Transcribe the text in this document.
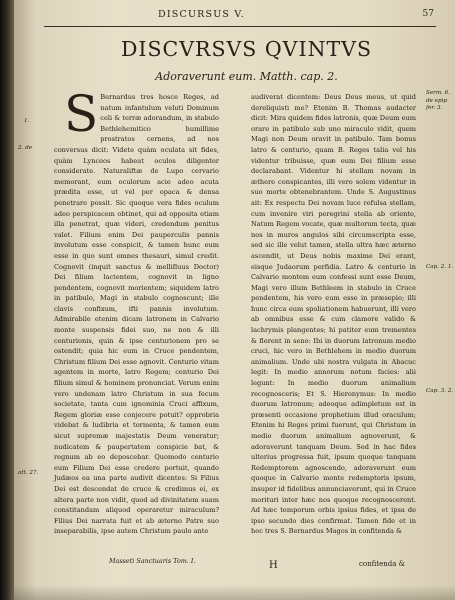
DISCURSUS V.	57
DISCVRSVS QVINTVS
Adoraverunt eum. Matth. cap. 2.
1.
2. de
att. 27.
S Bernardus tres hosce Reges, ad natum infantulum veluti Dominum celi & terræ adorandum, in stabulo Bethlehemitico humillime prostratos cernens, ad nos conversus dicit: Videte quàm oculata sit fides, quàm Lynceos habeat oculos diligenter considerate. Naturaliftæ de Lupo cervario memorant, eum oculorum acie adeo acuta prædita esse, ut vel per opaca & densa penetrare possit. Sic quoque vera fides oculum adeo perspicacem obtinet, qui ad opposita etiam illa penetrat, quæ videri, credendum penitus valet. Filium enim Dei pauperculis pannis involutum esse conspicit, & tamen hunc eum esse in quo sunt omnes thesauri, simul credit. Cognovit (inquit sanctus & mellifluus Doctor) Dei filium lactentem, cognovit in ligno pendentem, cognovit morientem; siquidem latro in patibulo, Magi in stabulo cognoscunt; ille clavis confixum, ifti pannis involutum. Admirabile etenim dicam latronem in Calvario monte suspensis fidei suo, ne non & illi centurionis, quin & ipse centurionem pro se ostendit; quia hic eum in Cruce pendentem, Christum filium Dei esse agnovit. Centurio vitam agentem in morte, latro Regem; centurio Dei filium simul & hominem pronunciat. Verum enim vero undenam latro Christum in sua fecum societate, tanta cum ignominia Cruci affixum, Regem gloriæ esse conjecere potuit? opprobria videbat & ludibria et tormenta, & tamen eum sicut supremæ majestatis Deum veneratur; nudicatem & paupertatem conspicie bat, & regnum ab eo deposcebar. Quomodo centurio eum Filium Dei esse credere portuit, quando Judæos ea una parte audivit dicentes: Si Filius Dei est descendat de cruce & credimus ei, ex altera parte non vidit, quod ad divinitatem suam constitandam aliquod operaretur miraculum? Filius Dei narrata fuit et ab æterno Patre suo inseparabilis, ipse autem Christum paulo ante

Serm. 6. de epip fer. 3.
Cap. 2. 1.
Cap. 3. 2.

audiverat dicentem: Deus Deus meus, ut quid dereliquisti me? Etenim B. Thomas audacter dicit: Mira quidem fides latronis, quæ Deum eum orare in patibulo sub uno miraculo vidit, quem Magi non Deum oravit in patibulo. Tam bonus latro & centurio, quam B. Reges talia vel his videntur tribuisse, quæ eum Dei filium esse declarabant. Videntur hi stellam novam in æthere conspicantes, illi vero solem videntur in suo morte obtenebrantem. Unde S. Augustinus ait: Ex respectu Dei novam luce refulsa stellam, cum invenire viri peregrini stella ab oriente, Natum Regem vocate, quæ multorum tecta, quæ nos in muros angulos sibi circumscripta esse, sed sic ille velut tamen, stella ultra hæc æterno ascendit, ut Deus nobis maxime Dei erant, eisque Judaorum perfidia. Latro & centurio in Calvario montem eum confessi sunt esse Deum, Magi vero illum Bethleem in stabulo in Cruce pendentem, his vero eum esse in præsepio; illi hunc circa eum spoliationem habuerunt, illi vero ab omnibus esse & cum clamore valido & lachrymis plangentes; hi patiter eum trementes & flerent in seno: Ibi in duorum latronum medio cruci, hic vero in Bethlehem in medio duorum animalium. Unde ubi nostra vulgata in Abacuc legit: In medio annorum notum facies: alii legunt: In medio duorum animalium recognosceris; Et S. Hieronymus: In medio duorum latronum; adeoque adimpletum est in præsenti occasione prophetium illud oraculum; Etenim hi Reges primi fuerunt, qui Christum in medio duorum animalium agnoverunt, & adoraverunt tanquam Deum. Sed in hac fides ulterius progressa fuit, ipsum quoque tanquam Redemptorem agnoscendo, adoraverunt eum quoque in Calvario monte redemptoris ipsum, insuper id fidelibus annunciaverunt, qui in Cruce morituri inter hæc nos quoque recognoscerent. Ad hæc temporum orbis ipsius fides, et ipsa de ipso secundo dies confirmat. Tamen fide et in hoc tres S. Bernardus Magos in confitenda &

Masseti Sanctuaris Tom. I.	H	confitenda &
